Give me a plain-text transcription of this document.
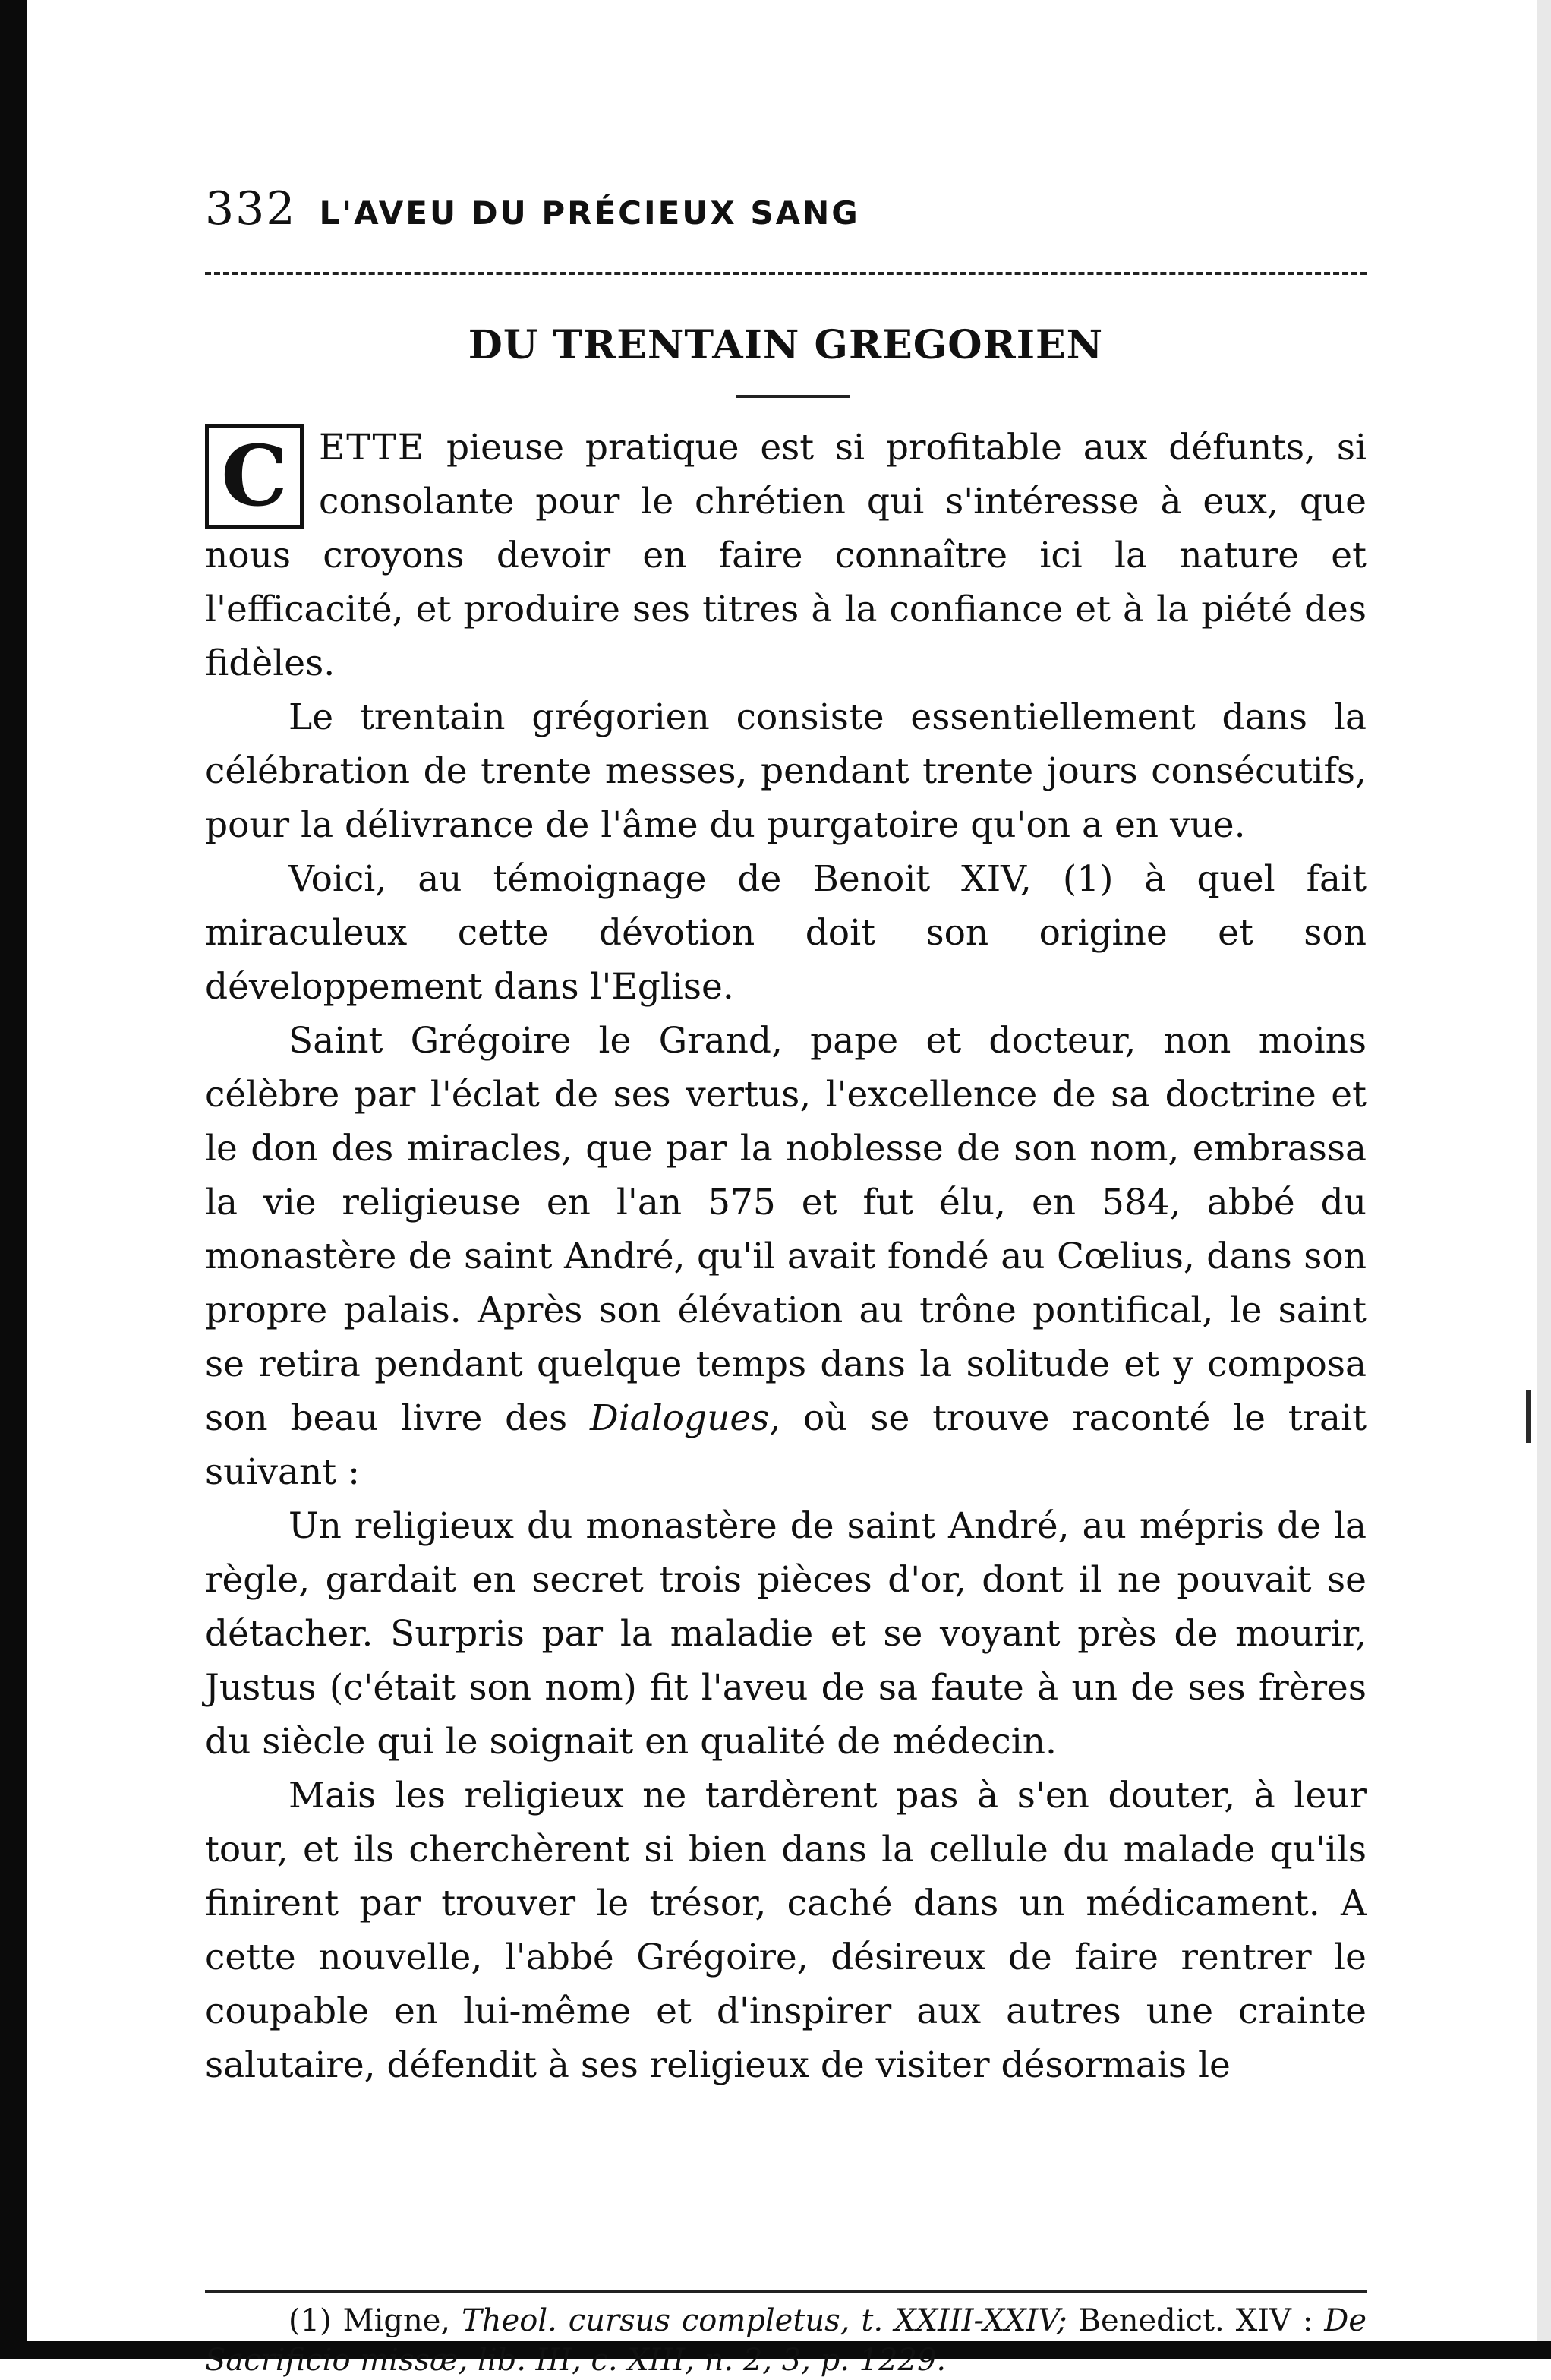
332 L'AVEU DU PRÉCIEUX SANG
DU TRENTAIN GREGORIEN

C ETTE pieuse pratique est si profitable aux défunts, si consolante pour le chrétien qui s'intéresse à eux, que nous croyons devoir en faire connaître ici la nature et l'efficacité, et produire ses titres à la confiance et à la piété des fidèles.

Le trentain grégorien consiste essentiellement dans la célébration de trente messes, pendant trente jours consécutifs, pour la délivrance de l'âme du purgatoire qu'on a en vue.

Voici, au témoignage de Benoit XIV, (1) à quel fait miraculeux cette dévotion doit son origine et son développement dans l'Eglise.

Saint Grégoire le Grand, pape et docteur, non moins célèbre par l'éclat de ses vertus, l'excellence de sa doctrine et le don des miracles, que par la noblesse de son nom, embrassa la vie religieuse en l'an 575 et fut élu, en 584, abbé du monastère de saint André, qu'il avait fondé au Cœlius, dans son propre palais. Après son élévation au trône pontifical, le saint se retira pendant quelque temps dans la solitude et y composa son beau livre des Dialogues, où se trouve raconté le trait suivant :

Un religieux du monastère de saint André, au mépris de la règle, gardait en secret trois pièces d'or, dont il ne pouvait se détacher. Surpris par la maladie et se voyant près de mourir, Justus (c'était son nom) fit l'aveu de sa faute à un de ses frères du siècle qui le soignait en qualité de médecin.

Mais les religieux ne tardèrent pas à s'en douter, à leur tour, et ils cherchèrent si bien dans la cellule du malade qu'ils finirent par trouver le trésor, caché dans un médicament. A cette nouvelle, l'abbé Grégoire, désireux de faire rentrer le coupable en lui-même et d'inspirer aux autres une crainte salutaire, défendit à ses religieux de visiter désormais le

(1) Migne, Theol. cursus completus, t. XXIII-XXIV; Benedict. XIV : De Sacrificio missæ, lib. III, c. XIII, n. 2, 3, p. 1229.
